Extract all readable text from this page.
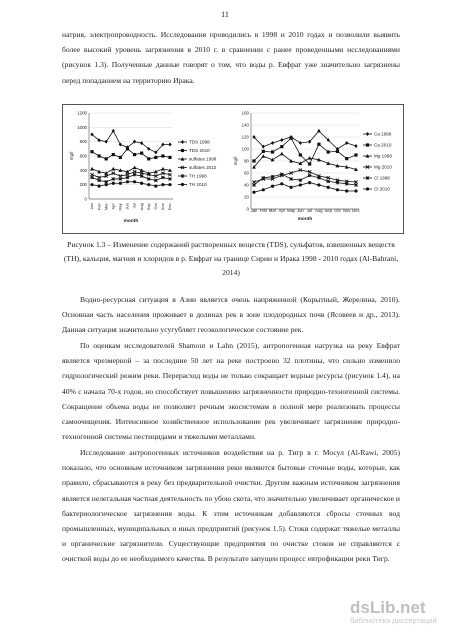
11

натрия, электропроводность. Исследования проводились в 1998 и 2010 годах и позволили выявить более высокий уровень загрязнения в 2010 г. в сравнении с ранее проведенными исследованиями (рисунок 1.3). Полученные данные говорят о том, что воды р. Евфрат уже значительно загрязнены перед попаданием на территорию Ирака.

0
200
400
600
800
1000
1200
Jan Feb Mar Apr May Jun Jul Aug Sep Oct Nov Dec
mg/l
month
TDS 1998
TDS 2010
sulfates 1998
sulfates 2010
TH 1998
TH 2010
0
20
40
60
80
100
120
140
160
Jan Feb Mar Apr May Jun Jul Aug Sep Oct Nov Dec
mg/l
month
Ca 1998
Ca 2010
Mg 1998
Mg 2010
Cl 1998
Cl 2010
Рисунок 1.3 – Изменение содержаний растворенных веществ (TDS), сульфатов, взвешенных веществ (TH), кальция, магния и хлоридов в р. Евфрат на границе Сирии и Ирака 1998 - 2010 годах (Al-Bahrani, 2014)

Водно-ресурсная ситуация в Азии является очень напряженной (Корытный, Жерелина, 2010). Основная часть населения проживает в долинах рек в зоне плодородных почв (Ясовеев и др., 2013). Данная ситуация значительно усугубляет геоэкологическое состояние рек.

По оценкам исследователей Shamout и Lahn (2015), антропогенная нагрузка на реку Евфрат является чрезмерной – за последние 50 лет на реке построено 32 плотины, что сильно изменило гидрологический режим реки. Перерасход воды не только сокращает водные ресурсы (рисунок 1.4), на 40% с начала 70-х годов, но способствует повышению загрязненности природно-техногенной системы. Сокращение объема воды не позволяет речным экосистемам в полной мере реализовать процессы самоочищения. Интенсивное хозяйственное использование рек увеличивает загрязнение природно-техногенной системы пестицидами и тяжелыми металлами.

Исследование антропогенных источников воздействия на р. Тигр в г. Мосул (Al-Rawi, 2005) показало, что основным источником загрязнения реки являются бытовые сточные воды, которые, как правило, сбрасываются в реку без предварительной очистки. Другим важным источником загрязнения является нелегальная частная деятельность по убою скота, что значительно увеличивает органическое и бактериологическое загрязнения воды. К этим источникам добавляются сбросы сточных вод промышленных, муниципальных и иных предприятий (рисунок 1.5). Стоки содержат тяжелые металлы и органические загрязнители. Существующие предприятия по очистке стоков не справляются с очисткой воды до ее необходимого качества. В результате запущен процесс евтрофикации реки Тигр.

dsLib.net
библиотека диссертаций
